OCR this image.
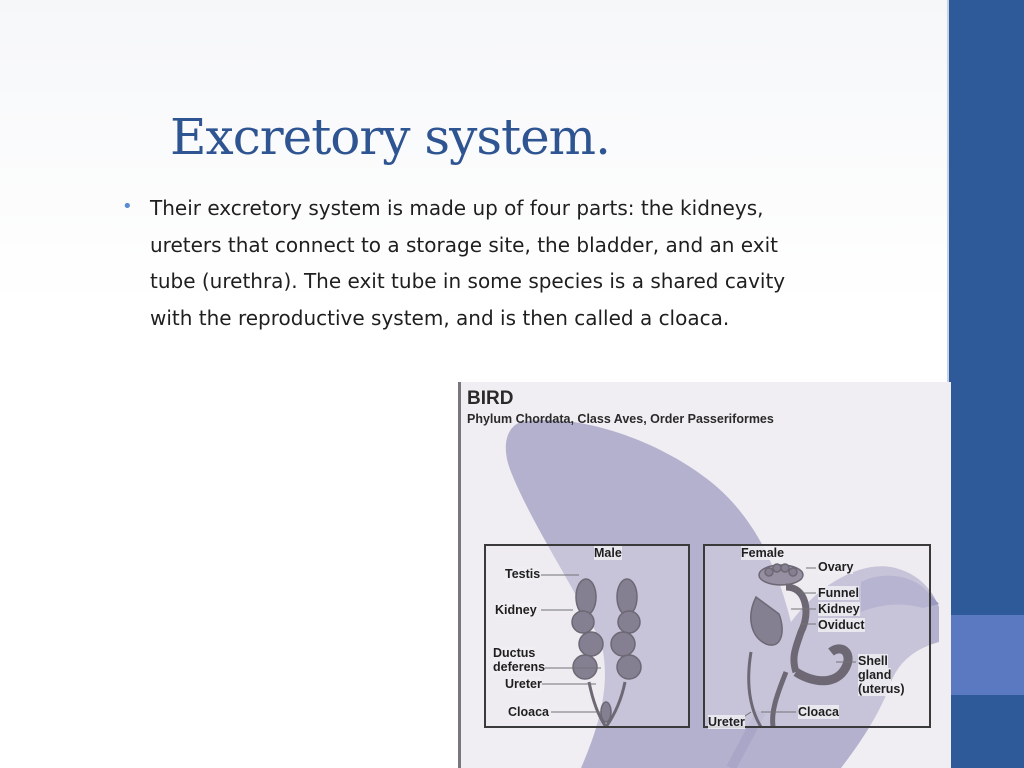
Excretory system.
• Their excretory system is made up of four parts: the kidneys, ureters that connect to a storage site, the bladder, and an exit tube (urethra). The exit tube in some species is a shared cavity with the reproductive system, and is then called a cloaca.
BIRD
Phylum Chordata, Class Aves, Order Passeriformes
Male
Testis
Kidney
Ductus
deferens
Ureter
Cloaca
Female
Ovary
Funnel
Kidney
Oviduct
Shell
gland
(uterus)
Cloaca
Ureter
